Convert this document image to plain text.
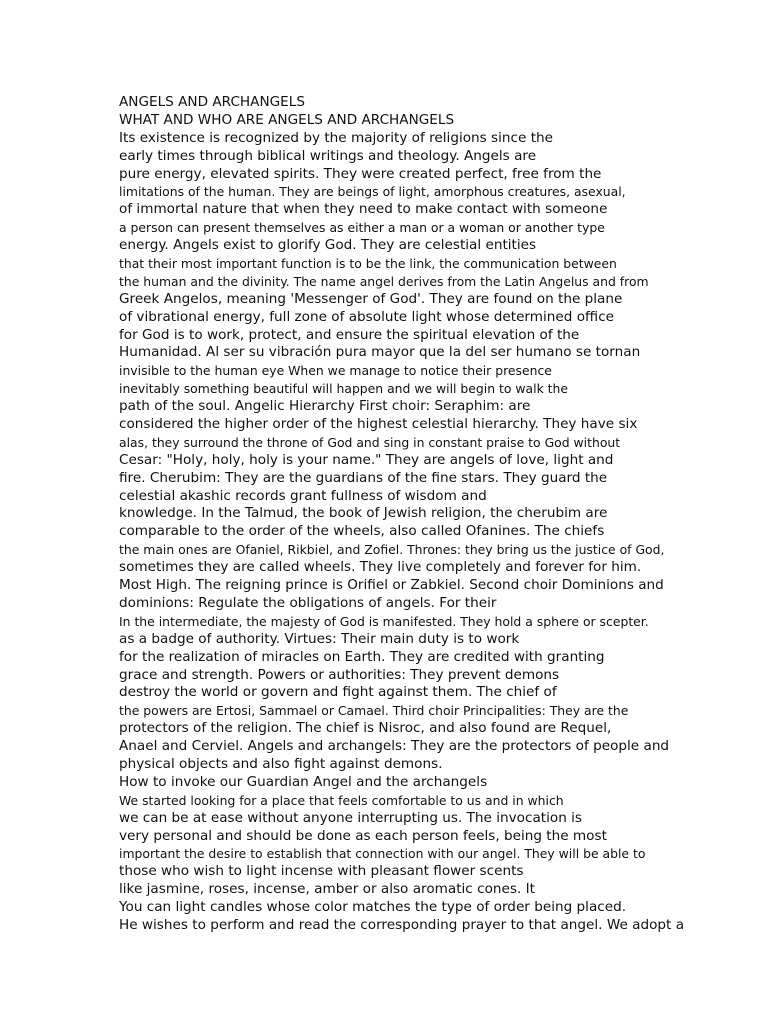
ANGELS AND ARCHANGELS
WHAT AND WHO ARE ANGELS AND ARCHANGELS
Its existence is recognized by the majority of religions since the
early times through biblical writings and theology. Angels are
pure energy, elevated spirits. They were created perfect, free from the
limitations of the human. They are beings of light, amorphous creatures, asexual,
of immortal nature that when they need to make contact with someone
a person can present themselves as either a man or a woman or another type
energy. Angels exist to glorify God. They are celestial entities
that their most important function is to be the link, the communication between
the human and the divinity. The name angel derives from the Latin Angelus and from
Greek Angelos, meaning 'Messenger of God'. They are found on the plane
of vibrational energy, full zone of absolute light whose determined office
for God is to work, protect, and ensure the spiritual elevation of the
Humanidad. Al ser su vibración pura mayor que la del ser humano se tornan
invisible to the human eye When we manage to notice their presence
inevitably something beautiful will happen and we will begin to walk the
path of the soul. Angelic Hierarchy First choir: Seraphim: are
considered the higher order of the highest celestial hierarchy. They have six
alas, they surround the throne of God and sing in constant praise to God without
Cesar: "Holy, holy, holy is your name." They are angels of love, light and
fire. Cherubim: They are the guardians of the fine stars. They guard the
celestial akashic records grant fullness of wisdom and
knowledge. In the Talmud, the book of Jewish religion, the cherubim are
comparable to the order of the wheels, also called Ofanines. The chiefs
the main ones are Ofaniel, Rikbiel, and Zofiel. Thrones: they bring us the justice of God,
sometimes they are called wheels. They live completely and forever for him.
Most High. The reigning prince is Orifiel or Zabkiel. Second choir Dominions and
dominions: Regulate the obligations of angels. For their
In the intermediate, the majesty of God is manifested. They hold a sphere or scepter.
as a badge of authority. Virtues: Their main duty is to work
for the realization of miracles on Earth. They are credited with granting
grace and strength. Powers or authorities: They prevent demons
destroy the world or govern and fight against them. The chief of
the powers are Ertosi, Sammael or Camael. Third choir Principalities: They are the
protectors of the religion. The chief is Nisroc, and also found are Requel,
Anael and Cerviel. Angels and archangels: They are the protectors of people and
physical objects and also fight against demons.
How to invoke our Guardian Angel and the archangels
We started looking for a place that feels comfortable to us and in which
we can be at ease without anyone interrupting us. The invocation is
very personal and should be done as each person feels, being the most
important the desire to establish that connection with our angel. They will be able to
those who wish to light incense with pleasant flower scents
like jasmine, roses, incense, amber or also aromatic cones. It
You can light candles whose color matches the type of order being placed.
He wishes to perform and read the corresponding prayer to that angel. We adopt a
